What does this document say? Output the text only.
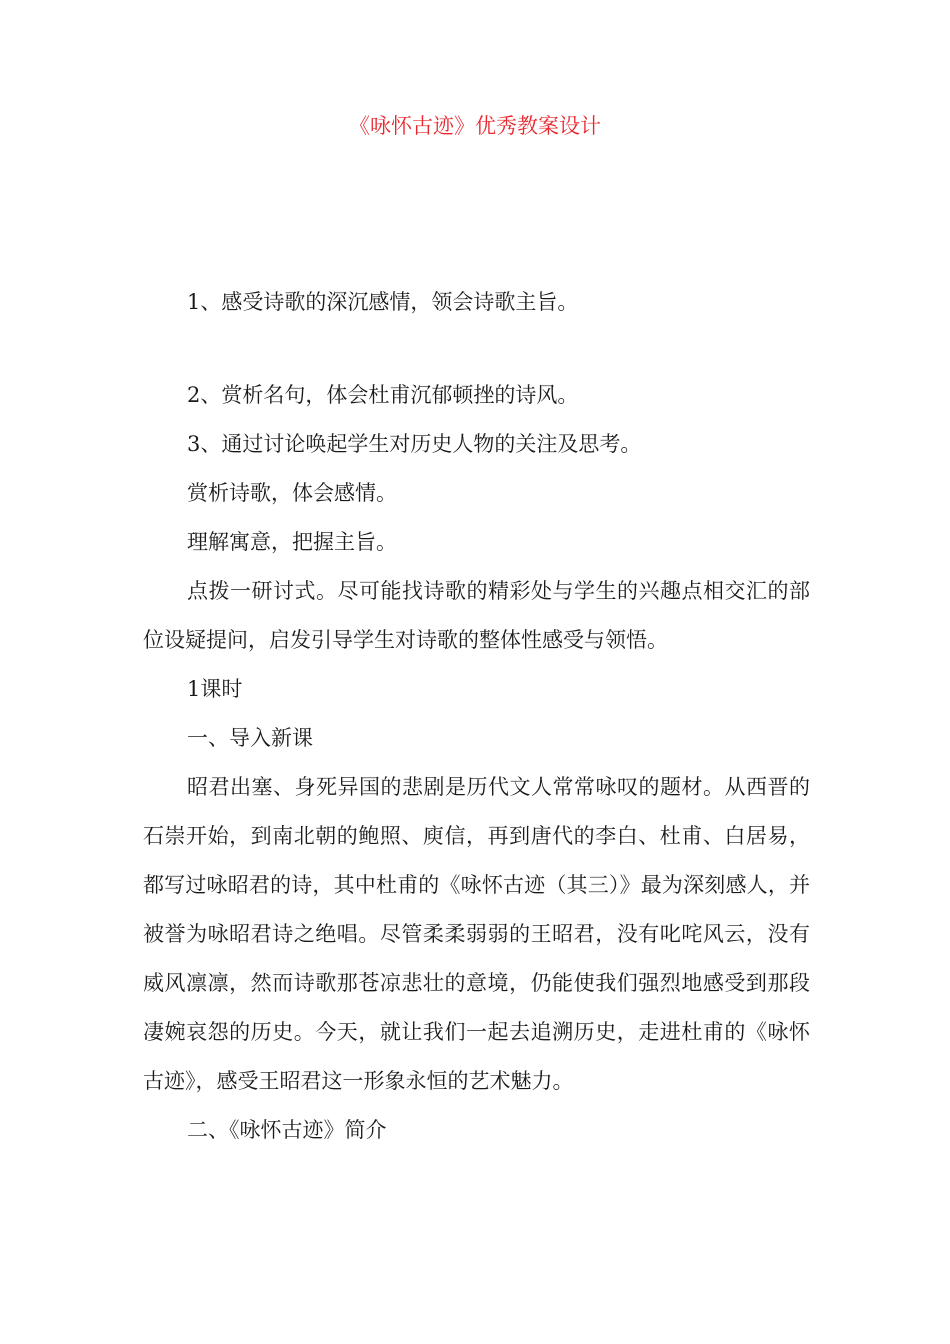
《咏怀古迹》优秀教案设计

1、感受诗歌的深沉感情，领会诗歌主旨。

2、赏析名句，体会杜甫沉郁顿挫的诗风。

3、通过讨论唤起学生对历史人物的关注及思考。

赏析诗歌，体会感情。

理解寓意，把握主旨。

点拨一研讨式。尽可能找诗歌的精彩处与学生的兴趣点相交汇的部位设疑提问，启发引导学生对诗歌的整体性感受与领悟。

1课时

一、导入新课

昭君出塞、身死异国的悲剧是历代文人常常咏叹的题材。从西晋的石崇开始，到南北朝的鲍照、庾信，再到唐代的李白、杜甫、白居易，都写过咏昭君的诗，其中杜甫的《咏怀古迹（其三）》最为深刻感人，并被誉为咏昭君诗之绝唱。尽管柔柔弱弱的王昭君，没有叱咤风云，没有威风凛凛，然而诗歌那苍凉悲壮的意境，仍能使我们强烈地感受到那段凄婉哀怨的历史。今天，就让我们一起去追溯历史，走进杜甫的《咏怀古迹》，感受王昭君这一形象永恒的艺术魅力。

二、《咏怀古迹》简介
